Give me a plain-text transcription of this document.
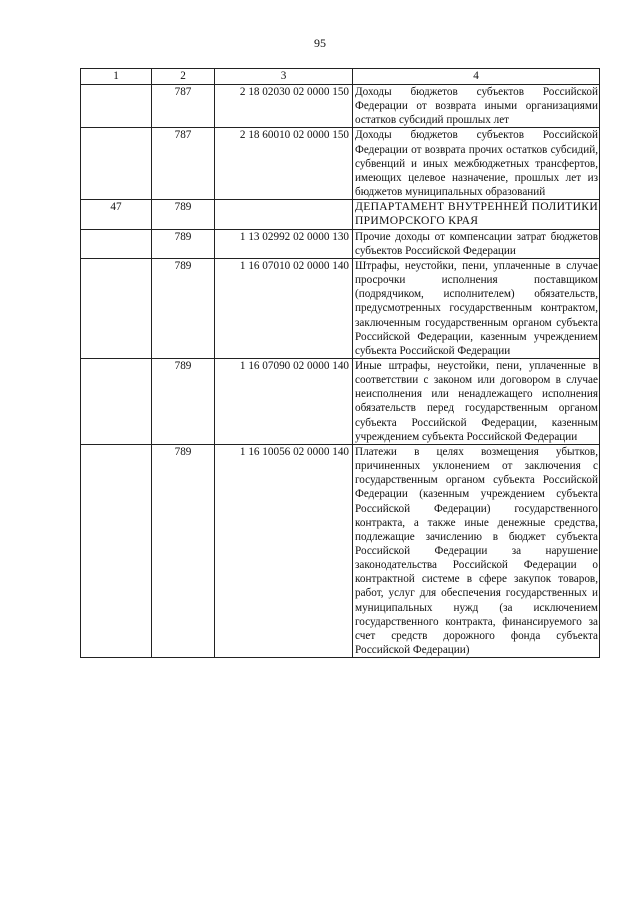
95
1	2	3	4
	787	2 18 02030 02 0000 150	Доходы бюджетов субъектов Российской Федерации от возврата иными организациями остатков субсидий прошлых лет

	787	2 18 60010 02 0000 150	Доходы бюджетов субъектов Российской Федерации от возврата прочих остатков субсидий, субвенций и иных межбюджетных трансфертов, имеющих целевое назначение, прошлых лет из бюджетов муниципальных образований

47	789		ДЕПАРТАМЕНТ ВНУТРЕННЕЙ ПОЛИТИКИ ПРИМОРСКОГО КРАЯ

	789	1 13 02992 02 0000 130	Прочие доходы от компенсации затрат бюджетов субъектов Российской Федерации

	789	1 16 07010 02 0000 140	Штрафы, неустойки, пени, уплаченные в случае просрочки исполнения поставщиком (подрядчиком, исполнителем) обязательств, предусмотренных государственным контрактом, заключенным государственным органом субъекта Российской Федерации, казенным учреждением субъекта Российской Федерации

	789	1 16 07090 02 0000 140	Иные штрафы, неустойки, пени, уплаченные в соответствии с законом или договором в случае неисполнения или ненадлежащего исполнения обязательств перед государственным органом субъекта Российской Федерации, казенным учреждением субъекта Российской Федерации

	789	1 16 10056 02 0000 140	Платежи в целях возмещения убытков, причиненных уклонением от заключения с государственным органом субъекта Российской Федерации (казенным учреждением субъекта Российской Федерации) государственного контракта, а также иные денежные средства, подлежащие зачислению в бюджет субъекта Российской Федерации за нарушение законодательства Российской Федерации о контрактной системе в сфере закупок товаров, работ, услуг для обеспечения государственных и муниципальных нужд (за исключением государственного контракта, финансируемого за счет средств дорожного фонда субъекта Российской Федерации)
